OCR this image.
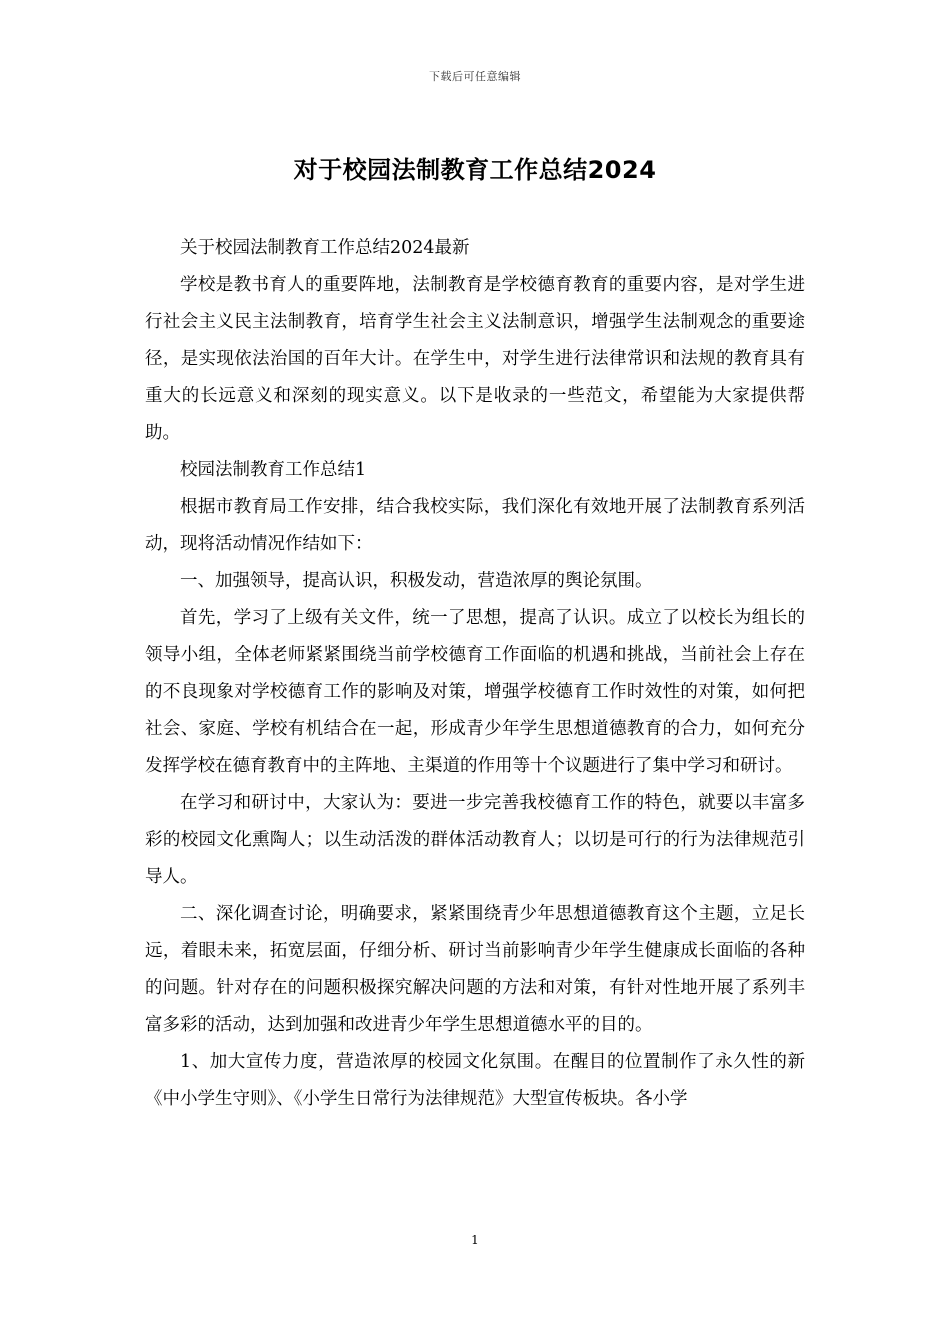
下载后可任意编辑
对于校园法制教育工作总结2024

关于校园法制教育工作总结2024最新

学校是教书育人的重要阵地，法制教育是学校德育教育的重要内容，是对学生进行社会主义民主法制教育，培育学生社会主义法制意识，增强学生法制观念的重要途径，是实现依法治国的百年大计。在学生中，对学生进行法律常识和法规的教育具有重大的长远意义和深刻的现实意义。以下是收录的一些范文，希望能为大家提供帮助。

校园法制教育工作总结1

根据市教育局工作安排，结合我校实际，我们深化有效地开展了法制教育系列活动，现将活动情况作结如下：

一、加强领导，提高认识，积极发动，营造浓厚的舆论氛围。

首先，学习了上级有关文件，统一了思想，提高了认识。成立了以校长为组长的领导小组，全体老师紧紧围绕当前学校德育工作面临的机遇和挑战，当前社会上存在的不良现象对学校德育工作的影响及对策，增强学校德育工作时效性的对策，如何把社会、家庭、学校有机结合在一起，形成青少年学生思想道德教育的合力，如何充分发挥学校在德育教育中的主阵地、主渠道的作用等十个议题进行了集中学习和研讨。

在学习和研讨中，大家认为：要进一步完善我校德育工作的特色，就要以丰富多彩的校园文化熏陶人；以生动活泼的群体活动教育人；以切是可行的行为法律规范引导人。

二、深化调查讨论，明确要求，紧紧围绕青少年思想道德教育这个主题，立足长远，着眼未来，拓宽层面，仔细分析、研讨当前影响青少年学生健康成长面临的各种的问题。针对存在的问题积极探究解决问题的方法和对策，有针对性地开展了系列丰富多彩的活动，达到加强和改进青少年学生思想道德水平的目的。

1、加大宣传力度，营造浓厚的校园文化氛围。在醒目的位置制作了永久性的新《中小学生守则》、《小学生日常行为法律规范》大型宣传板块。各小学

1
